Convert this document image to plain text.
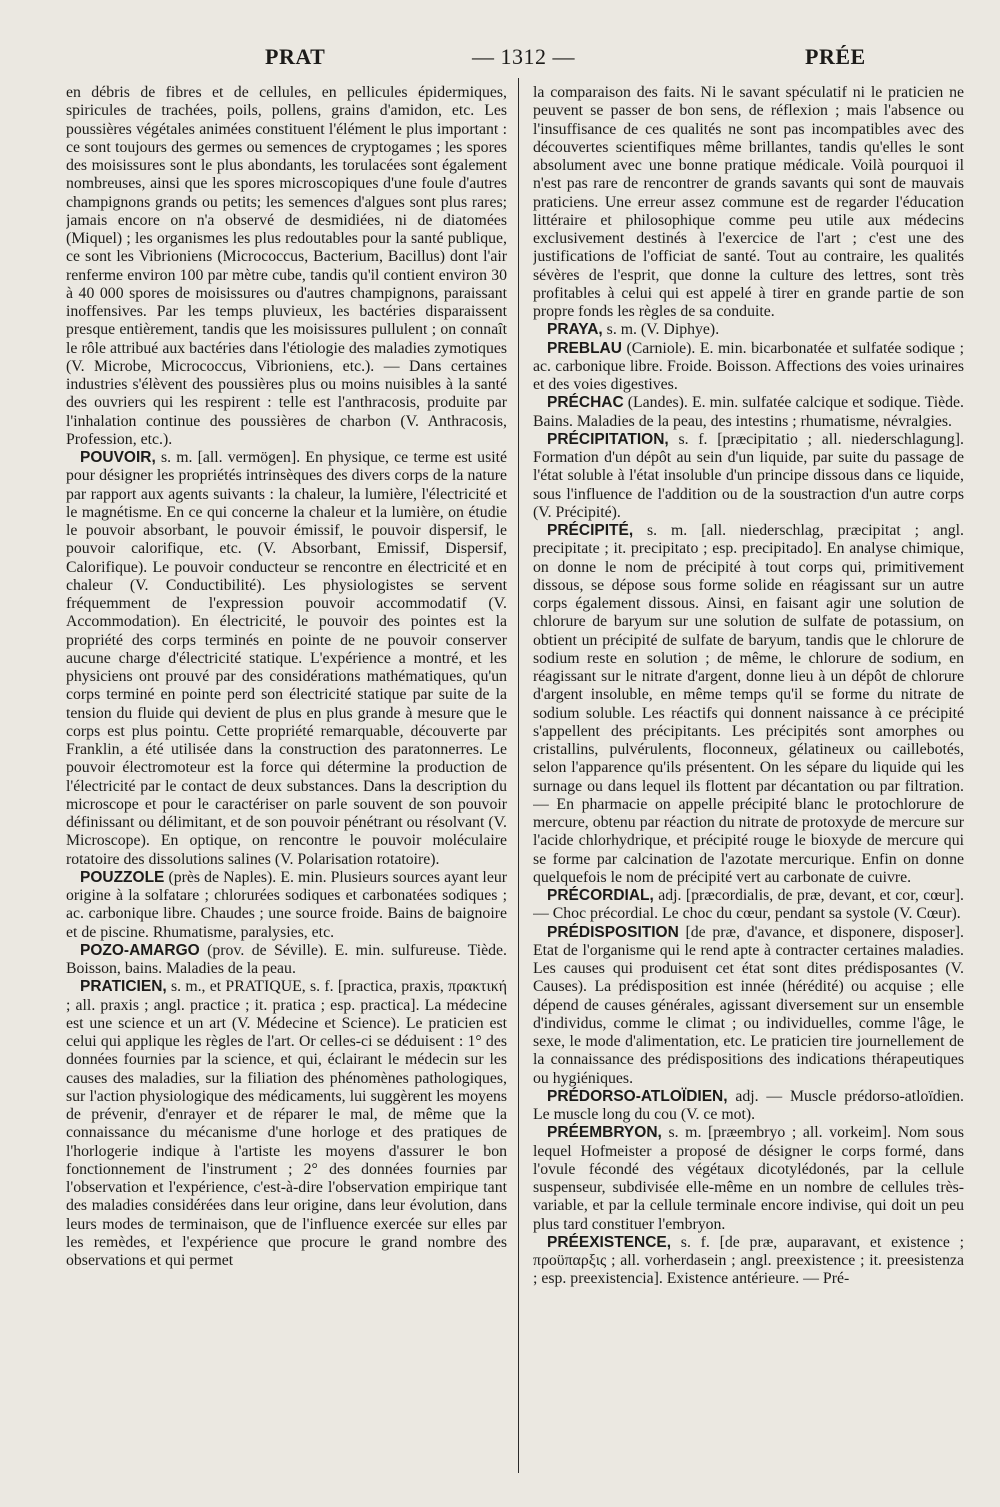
PRAT	— 1312 —	PRÉE

en débris de fibres et de cellules, en pellicules épidermiques, spiricules de trachées, poils, pollens, grains d'amidon, etc. Les poussières végétales animées constituent l'élément le plus important : ce sont toujours des germes ou semences de cryptogames ; les spores des moisissures sont le plus abondants, les torulacées sont également nombreuses, ainsi que les spores microscopiques d'une foule d'autres champignons grands ou petits; les semences d'algues sont plus rares; jamais encore on n'a observé de desmidiées, ni de diatomées (Miquel) ; les organismes les plus redoutables pour la santé publique, ce sont les Vibrioniens (Micrococcus, Bacterium, Bacillus) dont l'air renferme environ 100 par mètre cube, tandis qu'il contient environ 30 à 40 000 spores de moisissures ou d'autres champignons, paraissant inoffensives. Par les temps pluvieux, les bactéries disparaissent presque entièrement, tandis que les moisissures pullulent ; on connaît le rôle attribué aux bactéries dans l'étiologie des maladies zymotiques (V. Microbe, Micrococcus, Vibrioniens, etc.). — Dans certaines industries s'élèvent des poussières plus ou moins nuisibles à la santé des ouvriers qui les respirent : telle est l'anthracosis, produite par l'inhalation continue des poussières de charbon (V. Anthracosis, Profession, etc.).

POUVOIR, s. m. [all. vermögen]. En physique, ce terme est usité pour désigner les propriétés intrinsèques des divers corps de la nature par rapport aux agents suivants : la chaleur, la lumière, l'électricité et le magnétisme. En ce qui concerne la chaleur et la lumière, on étudie le pouvoir absorbant, le pouvoir émissif, le pouvoir dispersif, le pouvoir calorifique, etc. (V. Absorbant, Emissif, Dispersif, Calorifique). Le pouvoir conducteur se rencontre en électricité et en chaleur (V. Conductibilité). Les physiologistes se servent fréquemment de l'expression pouvoir accommodatif (V. Accommodation). En électricité, le pouvoir des pointes est la propriété des corps terminés en pointe de ne pouvoir conserver aucune charge d'électricité statique. L'expérience a montré, et les physiciens ont prouvé par des considérations mathématiques, qu'un corps terminé en pointe perd son électricité statique par suite de la tension du fluide qui devient de plus en plus grande à mesure que le corps est plus pointu. Cette propriété remarquable, découverte par Franklin, a été utilisée dans la construction des paratonnerres. Le pouvoir électromoteur est la force qui détermine la production de l'électricité par le contact de deux substances. Dans la description du microscope et pour le caractériser on parle souvent de son pouvoir définissant ou délimitant, et de son pouvoir pénétrant ou résolvant (V. Microscope). En optique, on rencontre le pouvoir moléculaire rotatoire des dissolutions salines (V. Polarisation rotatoire).

POUZZOLE (près de Naples). E. min. Plusieurs sources ayant leur origine à la solfatare ; chlorurées sodiques et carbonatées sodiques ; ac. carbonique libre. Chaudes ; une source froide. Bains de baignoire et de piscine. Rhumatisme, paralysies, etc.

POZO-AMARGO (prov. de Séville). E. min. sulfureuse. Tiède. Boisson, bains. Maladies de la peau.

PRATICIEN, s. m., et PRATIQUE, s. f. [practica, praxis, πρακτική ; all. praxis ; angl. practice ; it. pratica ; esp. practica]. La médecine est une science et un art (V. Médecine et Science). Le praticien est celui qui applique les règles de l'art. Or celles-ci se déduisent : 1° des données fournies par la science, et qui, éclairant le médecin sur les causes des maladies, sur la filiation des phénomènes pathologiques, sur l'action physiologique des médicaments, lui suggèrent les moyens de prévenir, d'enrayer et de réparer le mal, de même que la connaissance du mécanisme d'une horloge et des pratiques de l'horlogerie indique à l'artiste les moyens d'assurer le bon fonctionnement de l'instrument ; 2° des données fournies par l'observation et l'expérience, c'est-à-dire l'observation empirique tant des maladies considérées dans leur origine, dans leur évolution, dans leurs modes de terminaison, que de l'influence exercée sur elles par les remèdes, et l'expérience que procure le grand nombre des observations et qui permet

la comparaison des faits. Ni le savant spéculatif ni le praticien ne peuvent se passer de bon sens, de réflexion ; mais l'absence ou l'insuffisance de ces qualités ne sont pas incompatibles avec des découvertes scientifiques même brillantes, tandis qu'elles le sont absolument avec une bonne pratique médicale. Voilà pourquoi il n'est pas rare de rencontrer de grands savants qui sont de mauvais praticiens. Une erreur assez commune est de regarder l'éducation littéraire et philosophique comme peu utile aux médecins exclusivement destinés à l'exercice de l'art ; c'est une des justifications de l'officiat de santé. Tout au contraire, les qualités sévères de l'esprit, que donne la culture des lettres, sont très profitables à celui qui est appelé à tirer en grande partie de son propre fonds les règles de sa conduite.

PRAYA, s. m. (V. Diphye).

PREBLAU (Carniole). E. min. bicarbonatée et sulfatée sodique ; ac. carbonique libre. Froide. Boisson. Affections des voies urinaires et des voies digestives.

PRÉCHAC (Landes). E. min. sulfatée calcique et sodique. Tiède. Bains. Maladies de la peau, des intestins ; rhumatisme, névralgies.

PRÉCIPITATION, s. f. [præcipitatio ; all. niederschlagung]. Formation d'un dépôt au sein d'un liquide, par suite du passage de l'état soluble à l'état insoluble d'un principe dissous dans ce liquide, sous l'influence de l'addition ou de la soustraction d'un autre corps (V. Précipité).

PRÉCIPITÉ, s. m. [all. niederschlag, præcipitat ; angl. precipitate ; it. precipitato ; esp. precipitado]. En analyse chimique, on donne le nom de précipité à tout corps qui, primitivement dissous, se dépose sous forme solide en réagissant sur un autre corps également dissous. Ainsi, en faisant agir une solution de chlorure de baryum sur une solution de sulfate de potassium, on obtient un précipité de sulfate de baryum, tandis que le chlorure de sodium reste en solution ; de même, le chlorure de sodium, en réagissant sur le nitrate d'argent, donne lieu à un dépôt de chlorure d'argent insoluble, en même temps qu'il se forme du nitrate de sodium soluble. Les réactifs qui donnent naissance à ce précipité s'appellent des précipitants. Les précipités sont amorphes ou cristallins, pulvérulents, floconneux, gélatineux ou caillebotés, selon l'apparence qu'ils présentent. On les sépare du liquide qui les surnage ou dans lequel ils flottent par décantation ou par filtration. — En pharmacie on appelle précipité blanc le protochlorure de mercure, obtenu par réaction du nitrate de protoxyde de mercure sur l'acide chlorhydrique, et précipité rouge le bioxyde de mercure qui se forme par calcination de l'azotate mercurique. Enfin on donne quelquefois le nom de précipité vert au carbonate de cuivre.

PRÉCORDIAL, adj. [præcordialis, de præ, devant, et cor, cœur]. — Choc précordial. Le choc du cœur, pendant sa systole (V. Cœur).

PRÉDISPOSITION [de præ, d'avance, et disponere, disposer]. Etat de l'organisme qui le rend apte à contracter certaines maladies. Les causes qui produisent cet état sont dites prédisposantes (V. Causes). La prédisposition est innée (hérédité) ou acquise ; elle dépend de causes générales, agissant diversement sur un ensemble d'individus, comme le climat ; ou individuelles, comme l'âge, le sexe, le mode d'alimentation, etc. Le praticien tire journellement de la connaissance des prédispositions des indications thérapeutiques ou hygiéniques.

PRÉDORSO-ATLOÏDIEN, adj. — Muscle prédorso-atloïdien. Le muscle long du cou (V. ce mot).

PRÉEMBRYON, s. m. [præembryo ; all. vorkeim]. Nom sous lequel Hofmeister a proposé de désigner le corps formé, dans l'ovule fécondé des végétaux dicotylédonés, par la cellule suspenseur, subdivisée elle-même en un nombre de cellules très-variable, et par la cellule terminale encore indivise, qui doit un peu plus tard constituer l'embryon.

PRÉEXISTENCE, s. f. [de præ, auparavant, et existence ; προϋπαρξις ; all. vorherdasein ; angl. preexistence ; it. preesistenza ; esp. preexistencia]. Existence antérieure. — Pré-
